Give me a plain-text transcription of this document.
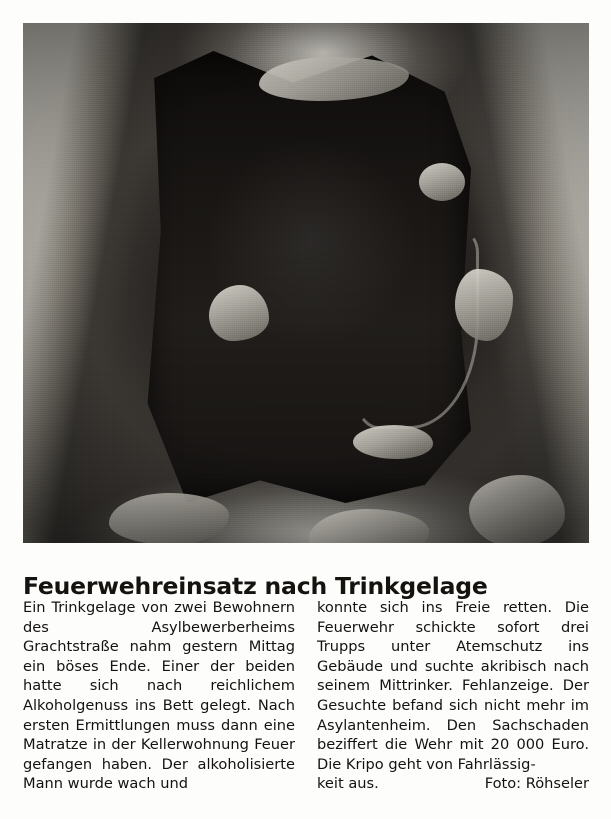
Feuerwehreinsatz nach Trinkgelage

Ein Trinkgelage von zwei Bewohnern des Asylbewerberheims Grachtstraße nahm gestern Mittag ein böses Ende. Einer der beiden hatte sich nach reichlichem Alkoholgenuss ins Bett gelegt. Nach ersten Ermittlungen muss dann eine Matratze in der Kellerwohnung Feuer gefangen haben. Der alkoholisierte Mann wurde wach und

konnte sich ins Freie retten. Die Feuerwehr schickte sofort drei Trupps unter Atemschutz ins Gebäude und suchte akribisch nach seinem Mittrinker. Fehlanzeige. Der Gesuchte befand sich nicht mehr im Asylantenheim. Den Sachschaden beziffert die Wehr mit 20 000 Euro. Die Kripo geht von Fahrlässig-

keit aus.	Foto: Röhseler
